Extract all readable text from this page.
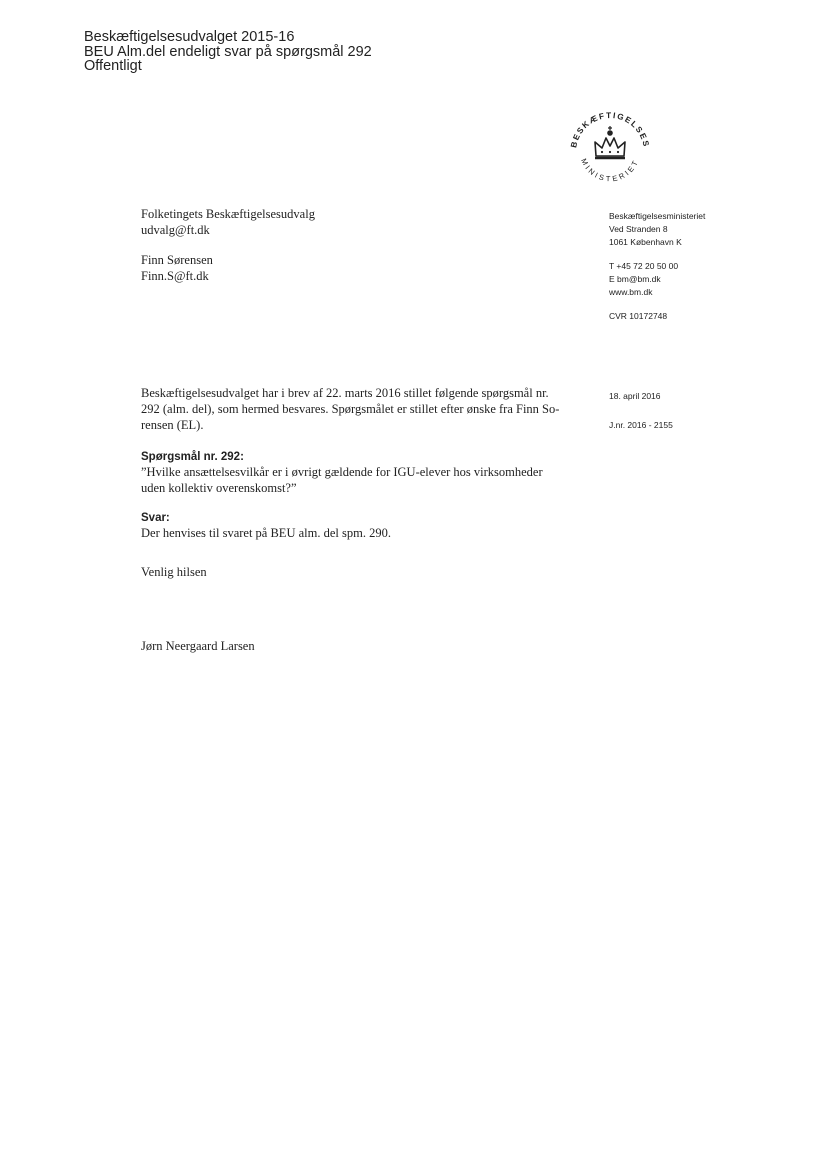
Beskæftigelsesudvalget 2015-16
BEU Alm.del endeligt svar på spørgsmål 292
Offentligt
BESKÆFTIGELSES
MINISTERIET
Folketingets Beskæftigelsesudvalg
udvalg@ft.dk
Finn Sørensen
Finn.S@ft.dk
Beskæftigelsesministeriet
Ved Stranden 8
1061 København K
T +45 72 20 50 00
E bm@bm.dk
www.bm.dk
CVR 10172748
18. april 2016
J.nr. 2016 - 2155
Beskæftigelsesudvalget har i brev af 22. marts 2016 stillet følgende spørgsmål nr.
292 (alm. del), som hermed besvares. Spørgsmålet er stillet efter ønske fra Finn So-
rensen (EL).
Spørgsmål nr. 292:
”Hvilke ansættelsesvilkår er i øvrigt gældende for IGU-elever hos virksomheder
uden kollektiv overenskomst?”
Svar:
Der henvises til svaret på BEU alm. del spm. 290.
Venlig hilsen
Jørn Neergaard Larsen
